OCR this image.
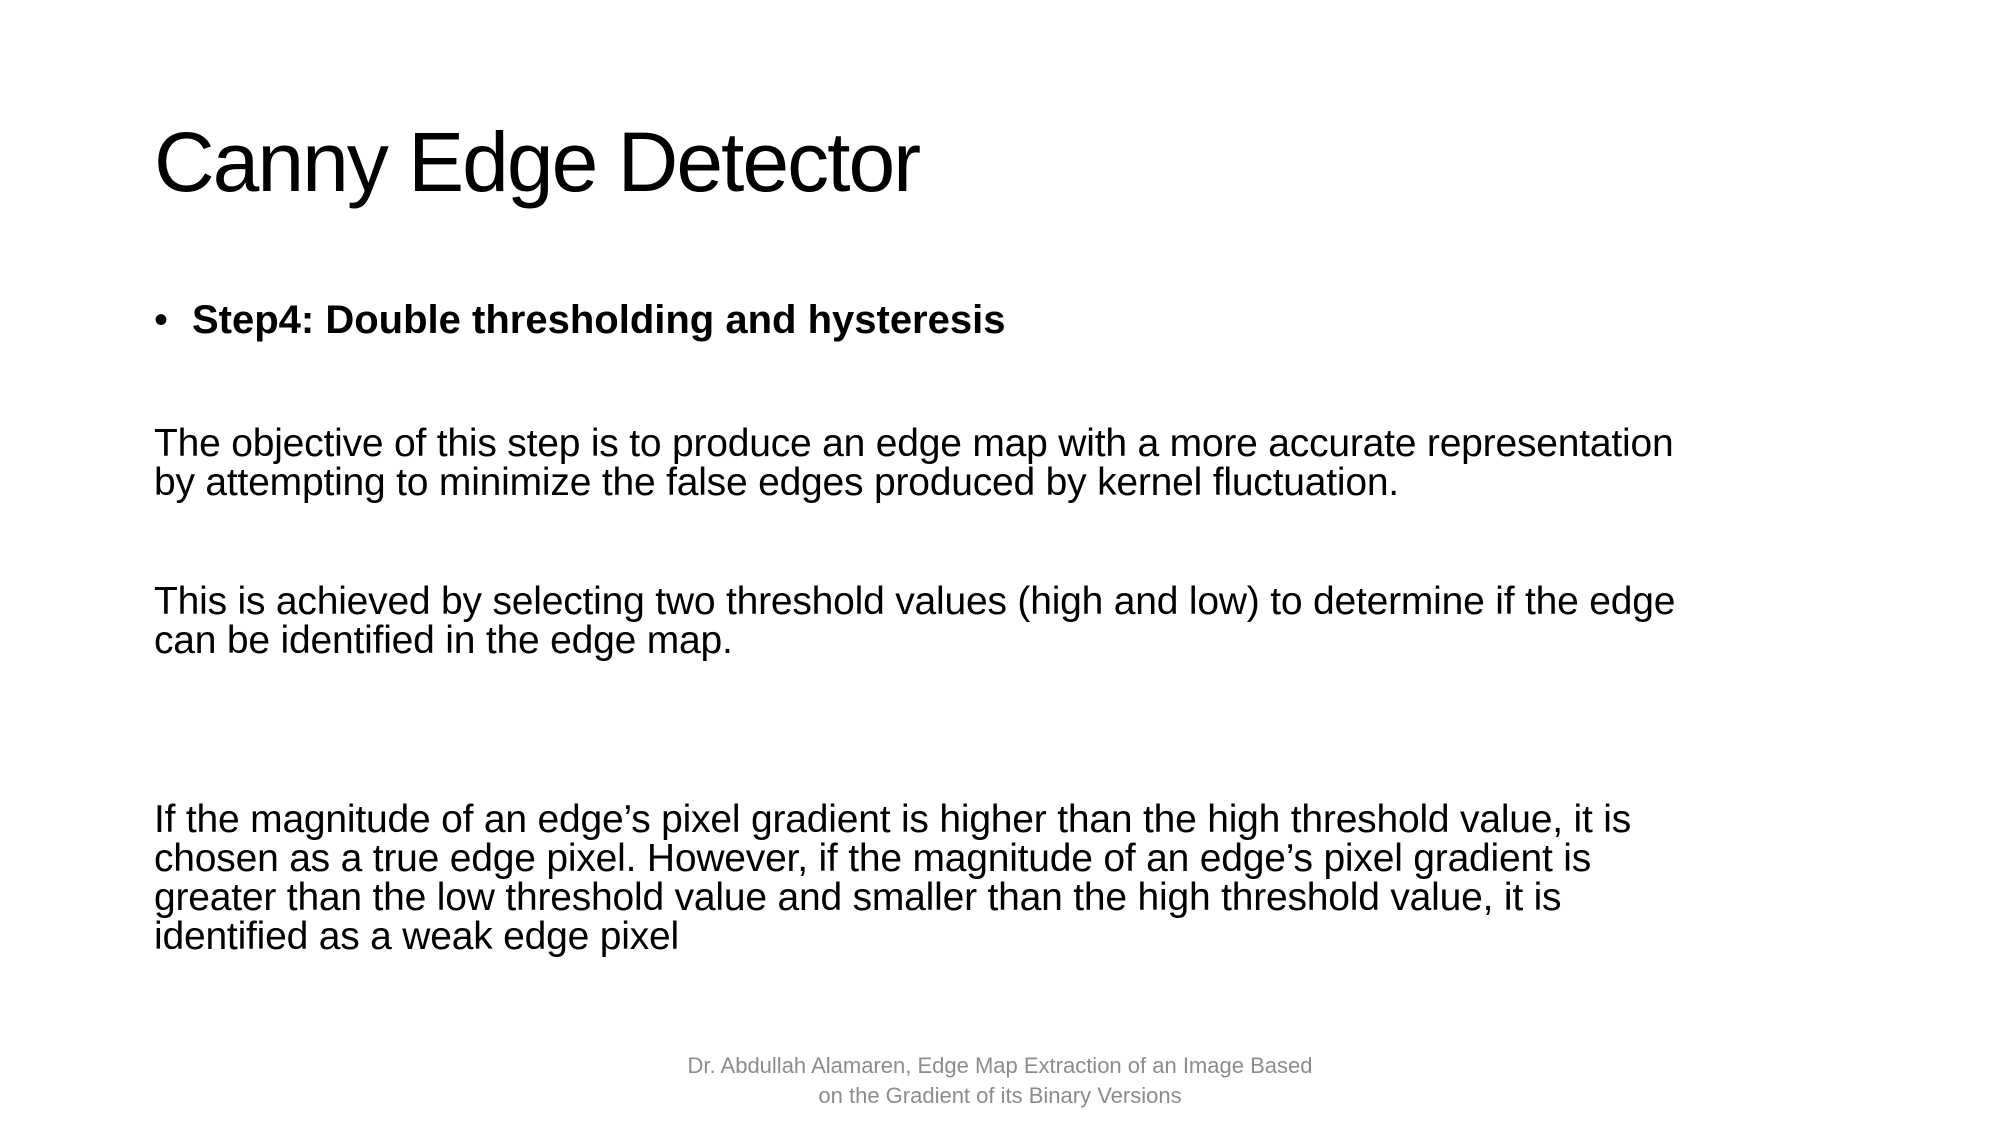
Canny Edge Detector
• Step4: Double thresholding and hysteresis

The objective of this step is to produce an edge map with a more accurate representation
by attempting to minimize the false edges produced by kernel fluctuation.

This is achieved by selecting two threshold values (high and low) to determine if the edge
can be identified in the edge map.

If the magnitude of an edge’s pixel gradient is higher than the high threshold value, it is
chosen as a true edge pixel. However, if the magnitude of an edge’s pixel gradient is
greater than the low threshold value and smaller than the high threshold value, it is
identified as a weak edge pixel

Dr. Abdullah Alamaren, Edge Map Extraction of an Image Based
on the Gradient of its Binary Versions
